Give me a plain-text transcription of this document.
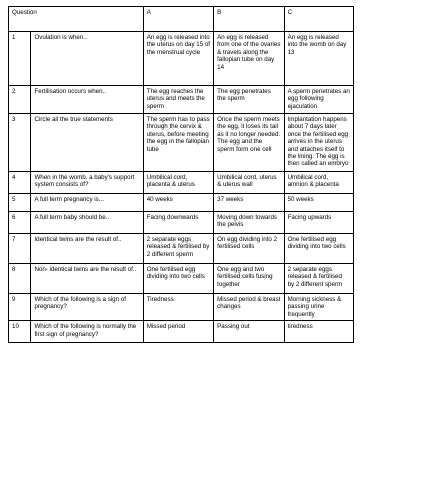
Question		A	B	C
1	Ovulation is when..	An egg is released into the uterus on day 15 of the menstrual cycle	An egg is released from one of the ovaries & travels along the fallopian tube on day 14	An egg is released into the womb on day 13
2	Fertilisation occurs when..	The egg reaches the uterus and meets the sperm	The egg penetrates the sperm	A sperm penetrates an egg following ejaculation
3	Circle all the true statements	The sperm has to pass through the cervix & uterus, before meeting the egg in the fallopian tube	Once the sperm meets the egg, it loses its tail as it no longer needed. The egg and the sperm form one cell	Implantation happens about 7 days later once the fertilised egg arrives in the uterus and attaches itself to the lining. The egg is then called an embryo
4	When in the womb, a baby's support system consists of?	Umbilical cord, placenta & uterus	Umbilical cord, uterus & uterus wall	Umbilical cord, amnion & placenta
5	A full term pregnancy is...	40 weeks	37 weeks	50 weeks
6	A full term baby should be..	Facing downwards	Moving down towards the pelvis	Facing upwards
7	Identical twins are the result of..	2 separate eggs released & fertilised by 2 different sperm	On egg dividing into 2 fertilised cells	One fertilised egg dividing into two cells
8	Non- identical twins are the result of..	One fertilised egg dividing into two cells	One egg and two fertilised cells fusing together	2 separate eggs released & fertilised by 2 different sperm
9	Which of the following is a sign of pregnancy?	Tiredness	Missed period & breast changes	Morning sickness & passing urine frequently
10	Which of the following is normally the first sign of pregnancy?	Missed period	Passing out	tiredness
